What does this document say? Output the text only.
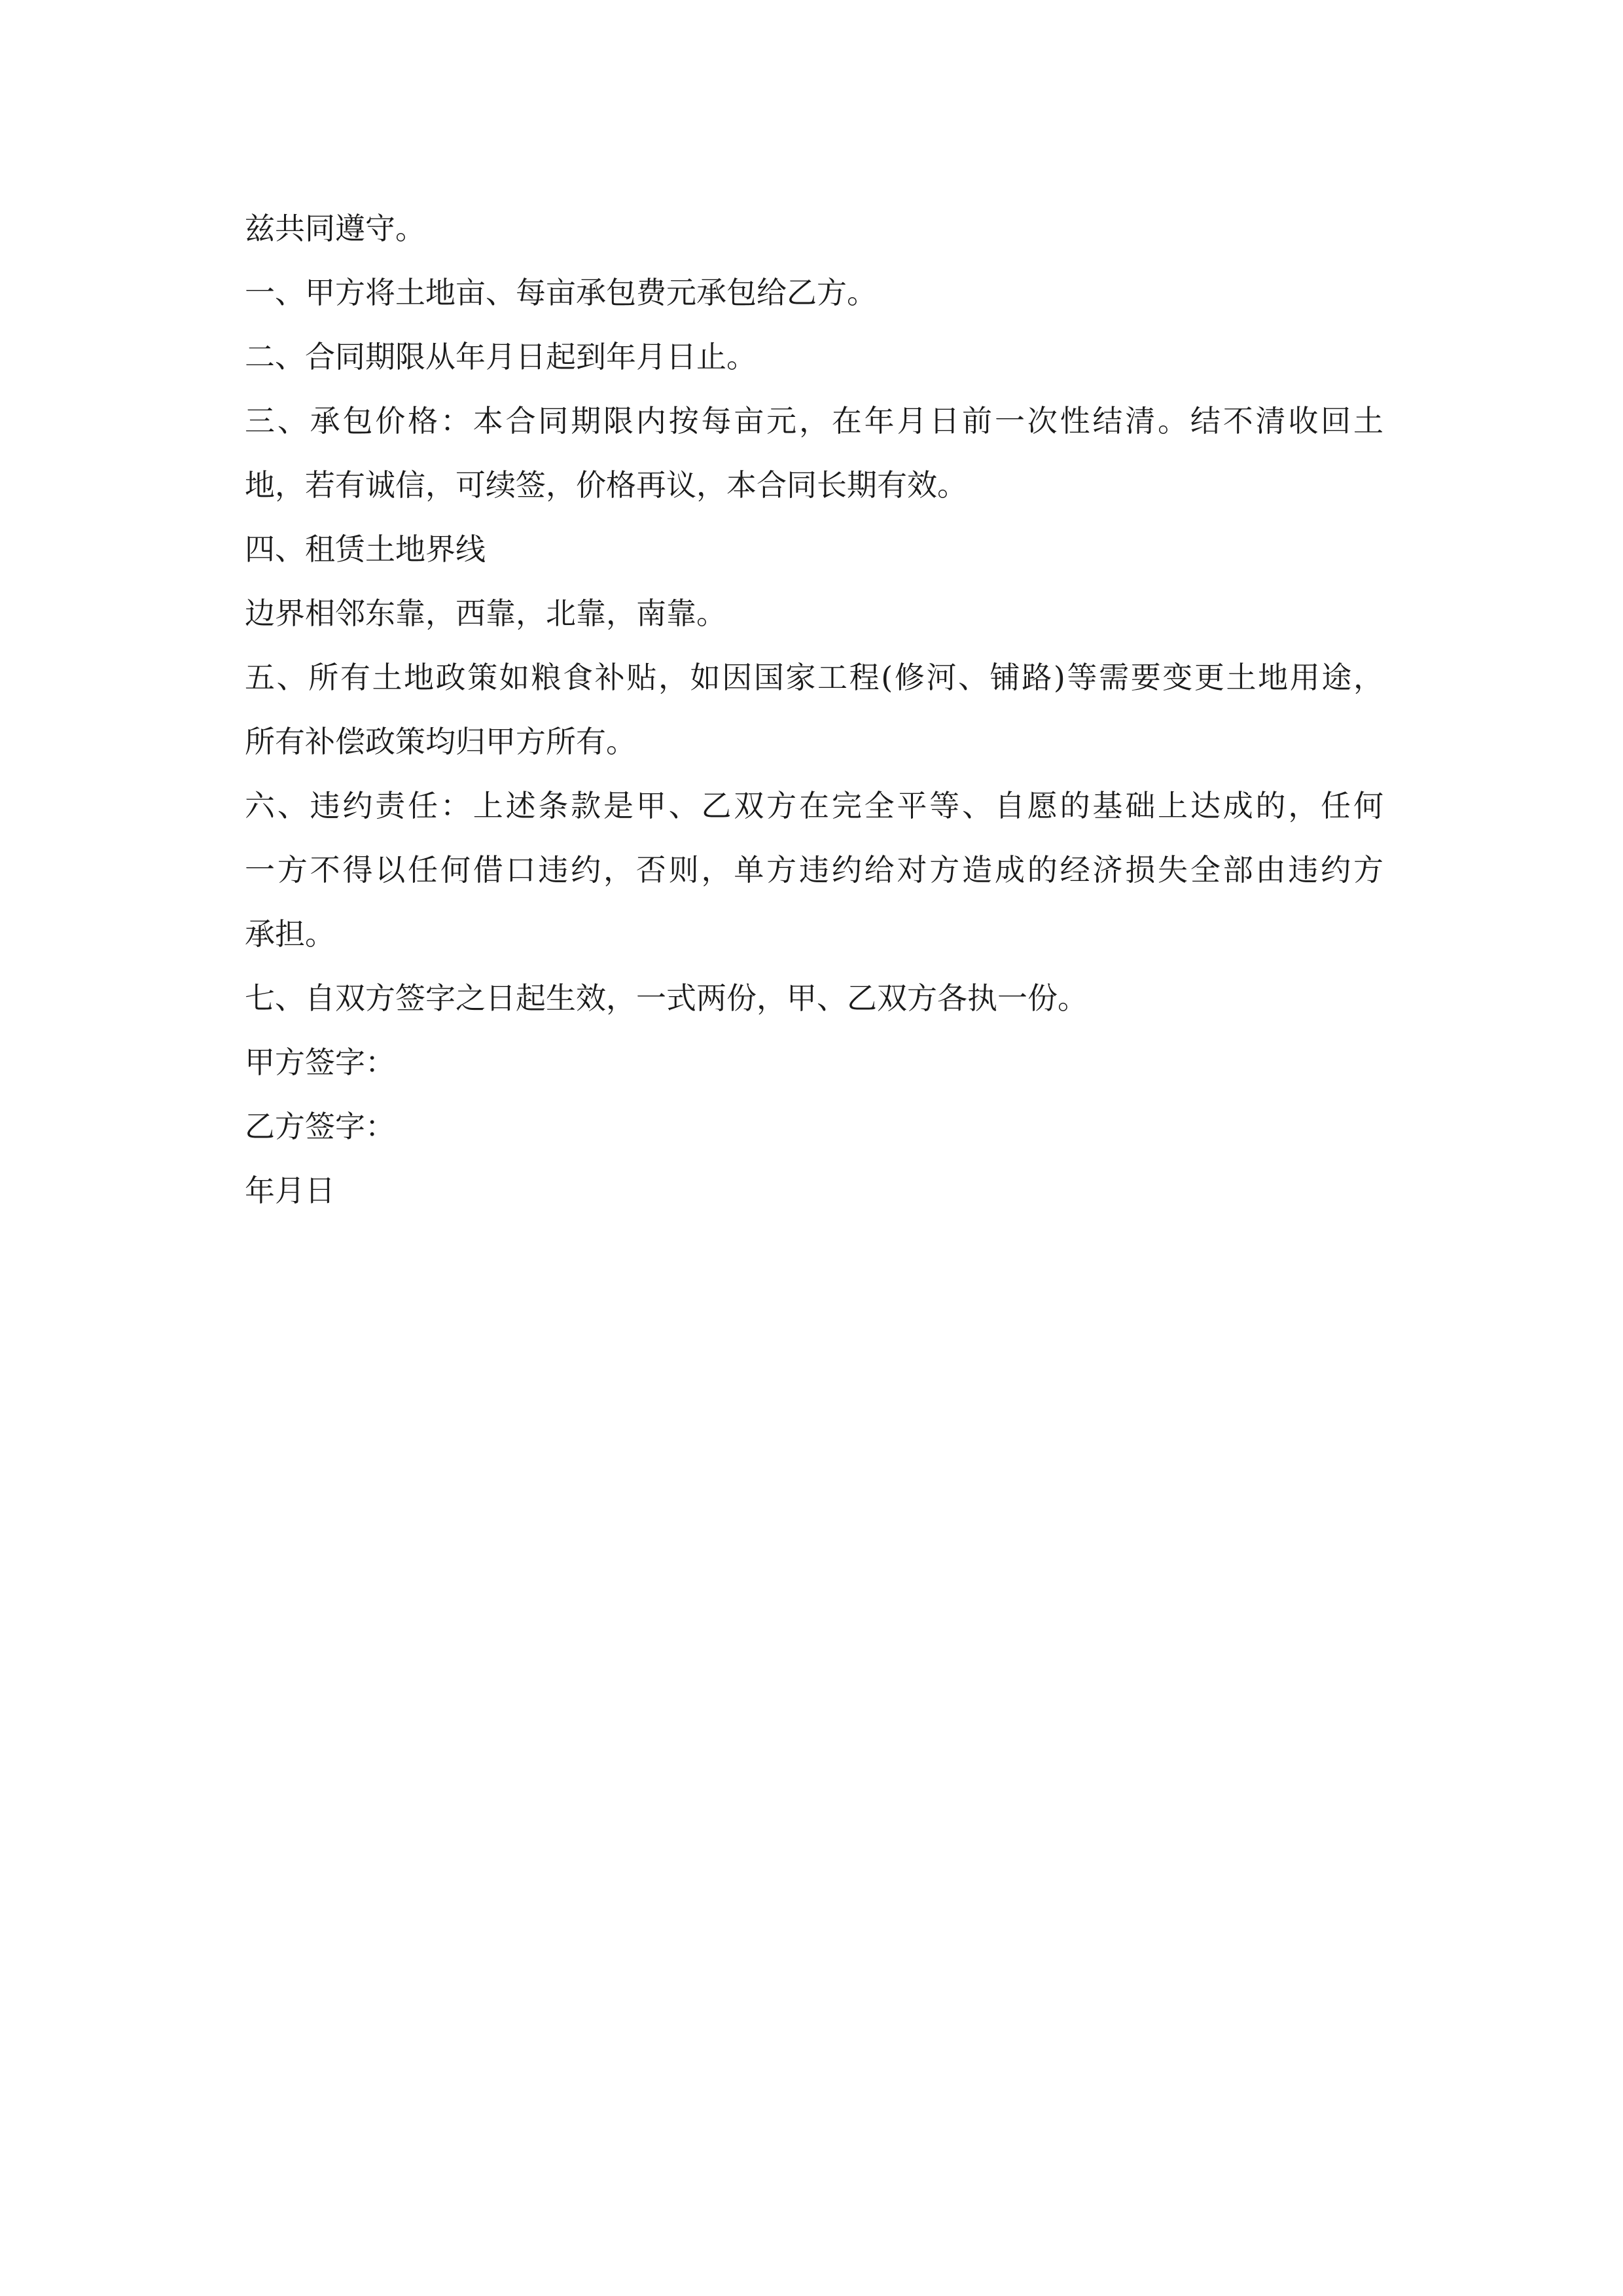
兹共同遵守。
一、甲方将土地亩、每亩承包费元承包给乙方。
二、合同期限从年月日起到年月日止。
三、承包价格：本合同期限内按每亩元，在年月日前一次性结清。结不清收回土
地，若有诚信，可续签，价格再议，本合同长期有效。
四、租赁土地界线
边界相邻东靠，西靠，北靠，南靠。
五、所有土地政策如粮食补贴，如因国家工程(修河、铺路)等需要变更土地用途，
所有补偿政策均归甲方所有。
六、违约责任：上述条款是甲、乙双方在完全平等、自愿的基础上达成的，任何
一方不得以任何借口违约，否则，单方违约给对方造成的经济损失全部由违约方
承担。
七、自双方签字之日起生效，一式两份，甲、乙双方各执一份。
甲方签字：
乙方签字：
年月日
